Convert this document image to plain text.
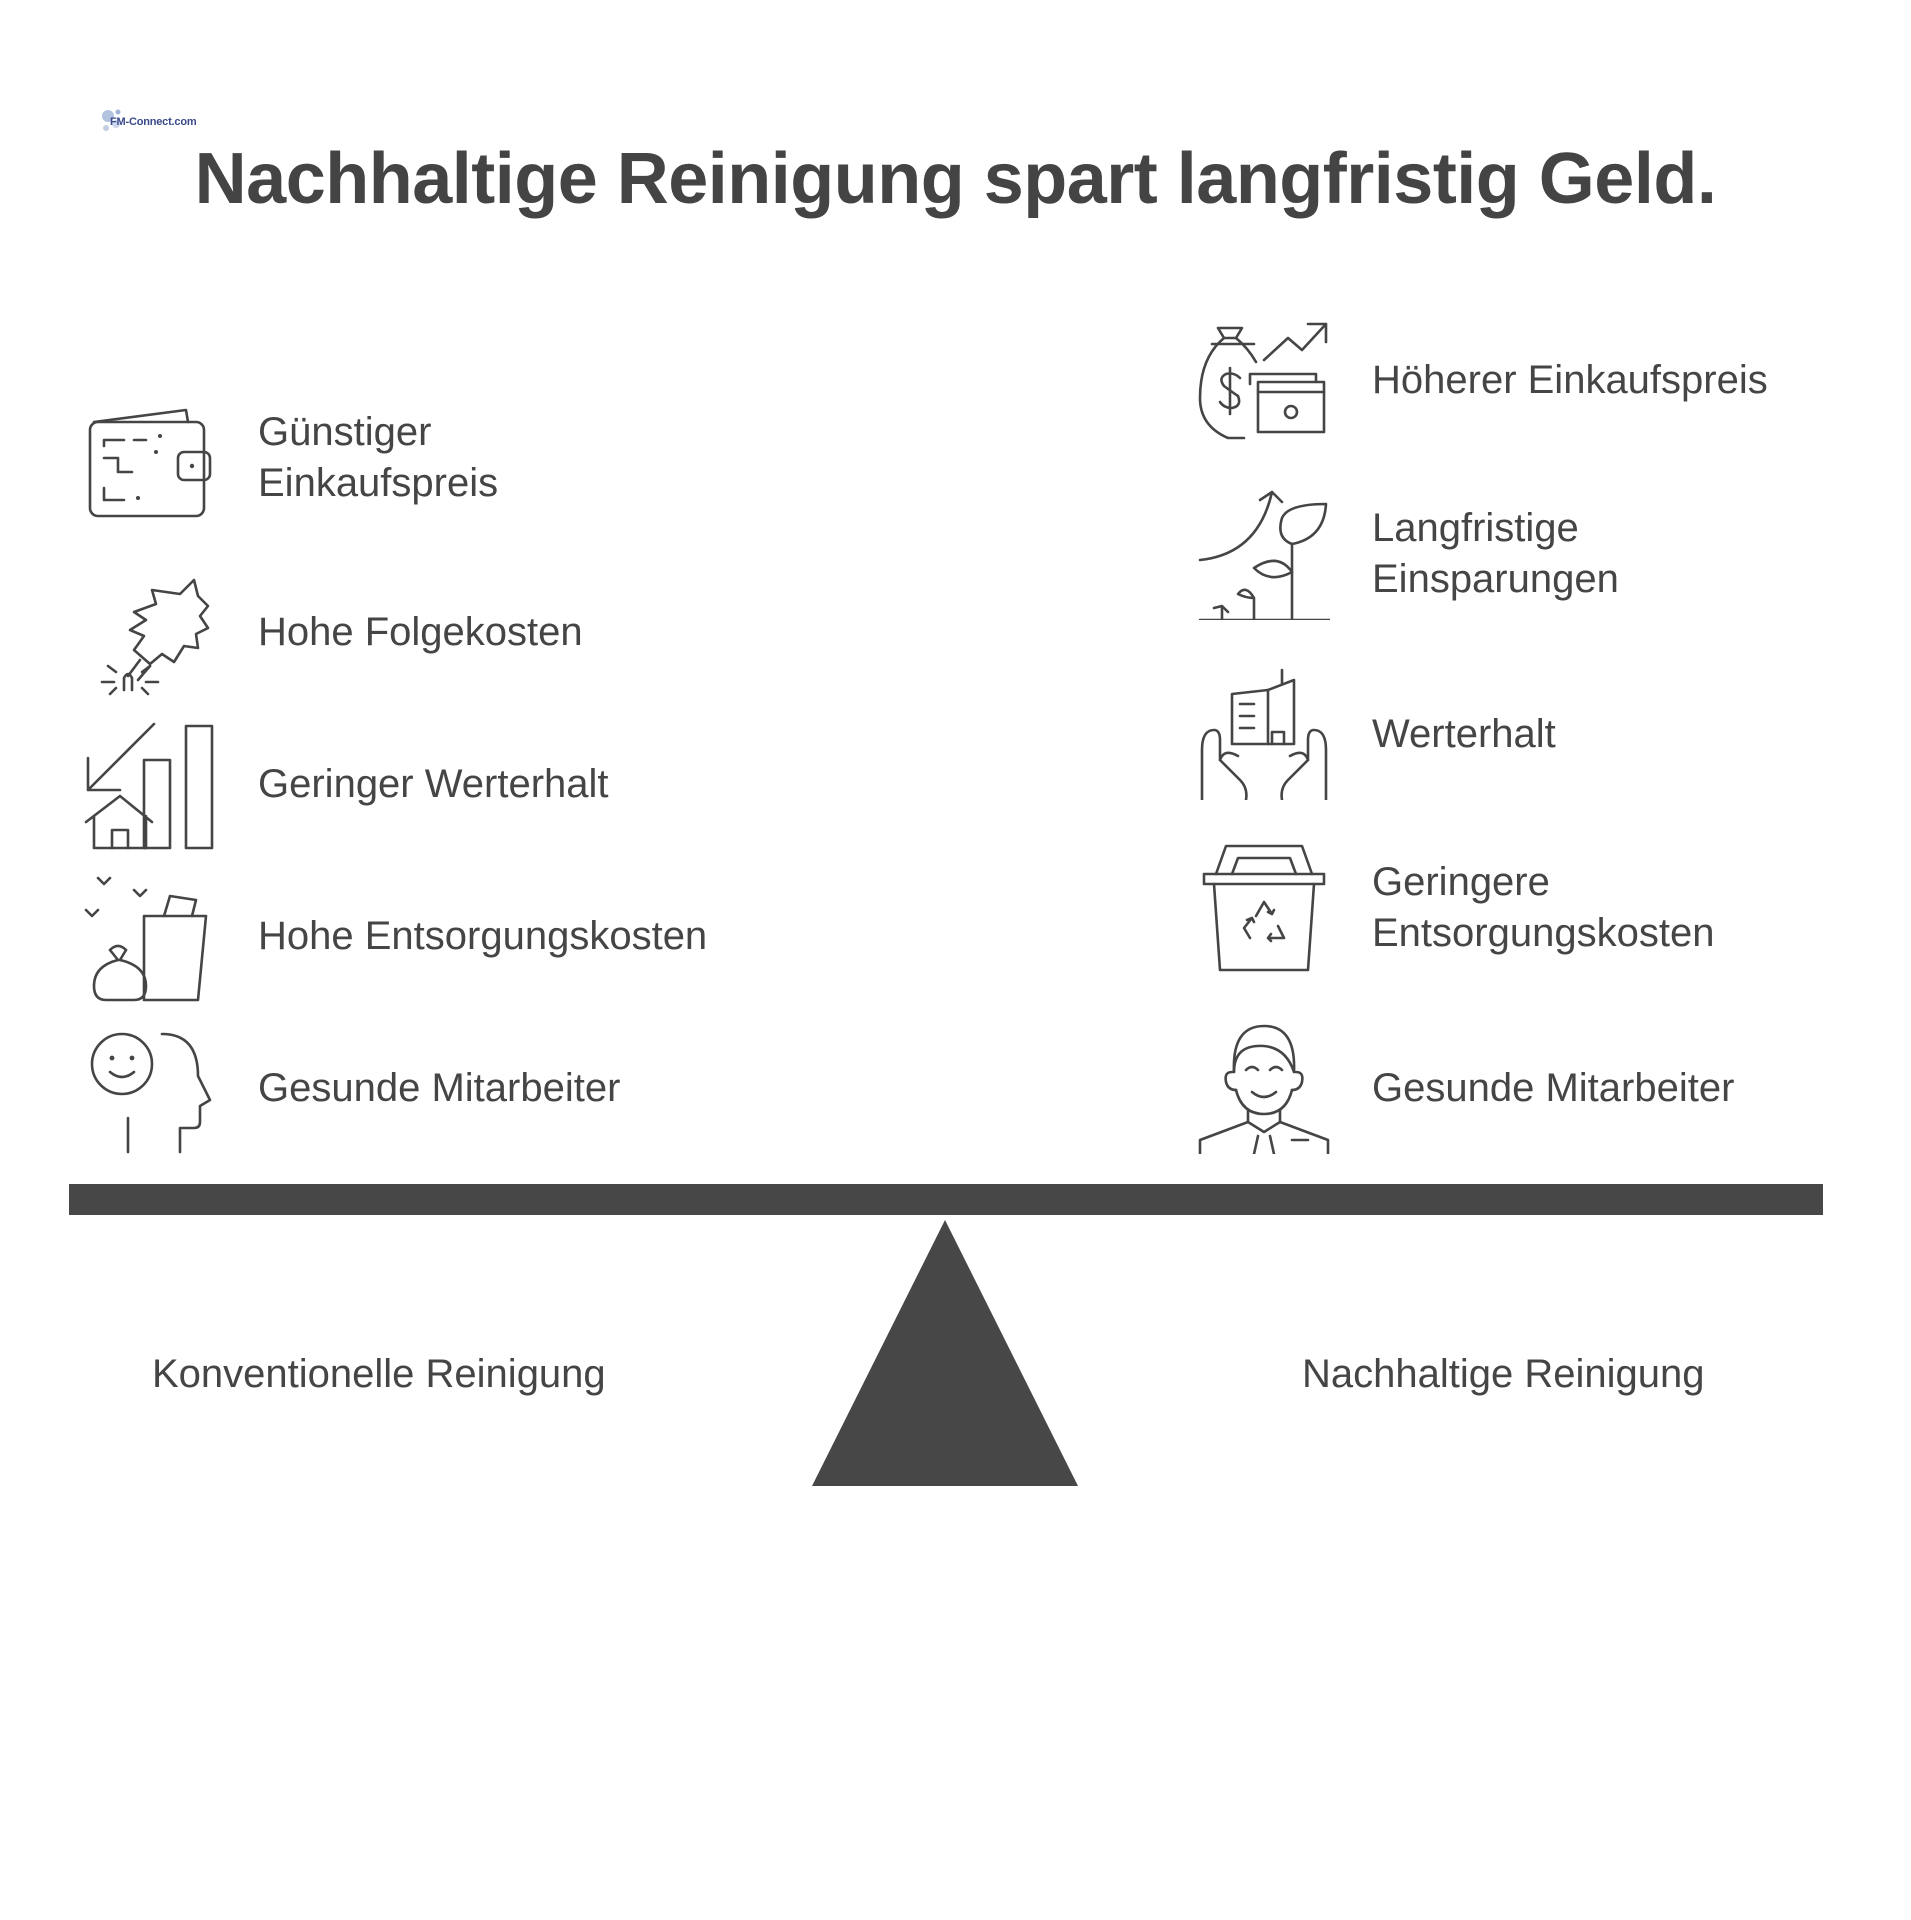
FM-Connect.com
Nachhaltige Reinigung spart langfristig Geld.
Günstiger
Einkaufspreis
Hohe Folgekosten
Geringer Werterhalt
Hohe Entsorgungskosten
Gesunde Mitarbeiter
Höherer Einkaufspreis
Langfristige
Einsparungen
Werterhalt
Geringere
Entsorgungskosten
Gesunde Mitarbeiter
Konventionelle Reinigung	Nachhaltige Reinigung
